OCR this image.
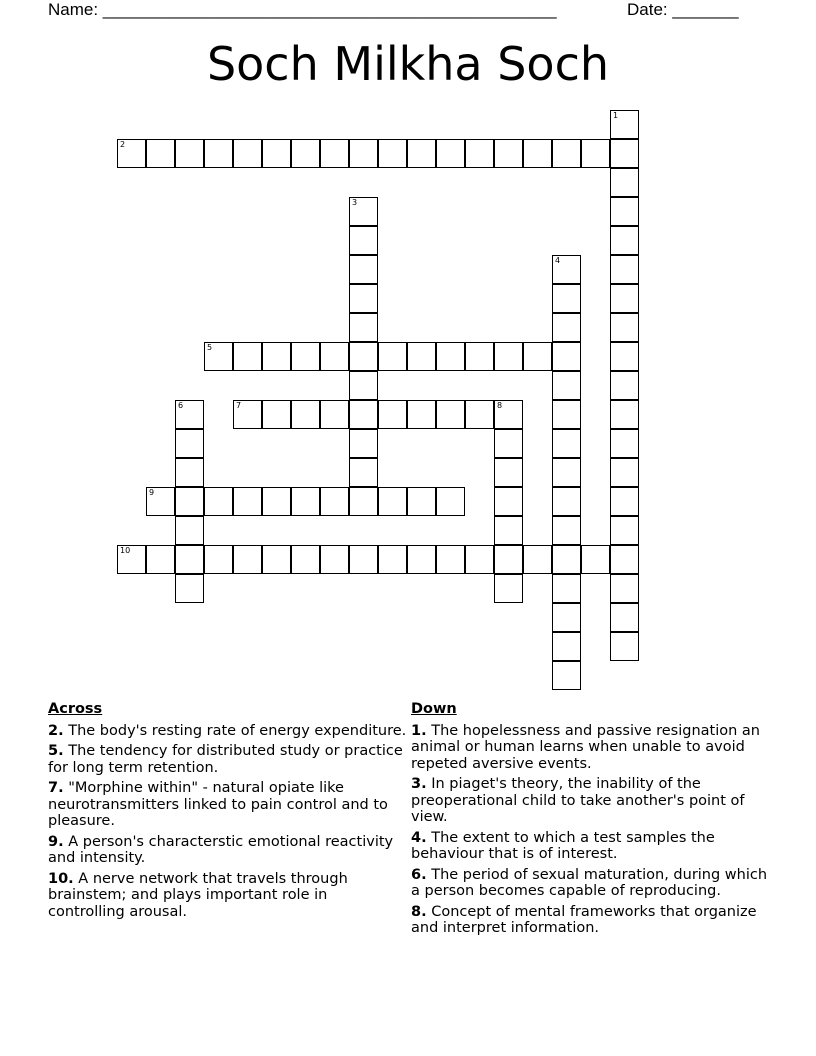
Name: ________________________________________________	Date: _______
Soch Milkha Soch
1
2
3
4
5
6	7	8
9
10
Across
2. The body's resting rate of energy expenditure.
5. The tendency for distributed study or practice for long term retention.
7. "Morphine within" - natural opiate like neurotransmitters linked to pain control and to pleasure.
9. A person's characterstic emotional reactivity and intensity.
10. A nerve network that travels through brainstem; and plays important role in controlling arousal.
Down
1. The hopelessness and passive resignation an animal or human learns when unable to avoid repeted aversive events.
3. In piaget's theory, the inability of the preoperational child to take another's point of view.
4. The extent to which a test samples the behaviour that is of interest.
6. The period of sexual maturation, during which a person becomes capable of reproducing.
8. Concept of mental frameworks that organize and interpret information.
